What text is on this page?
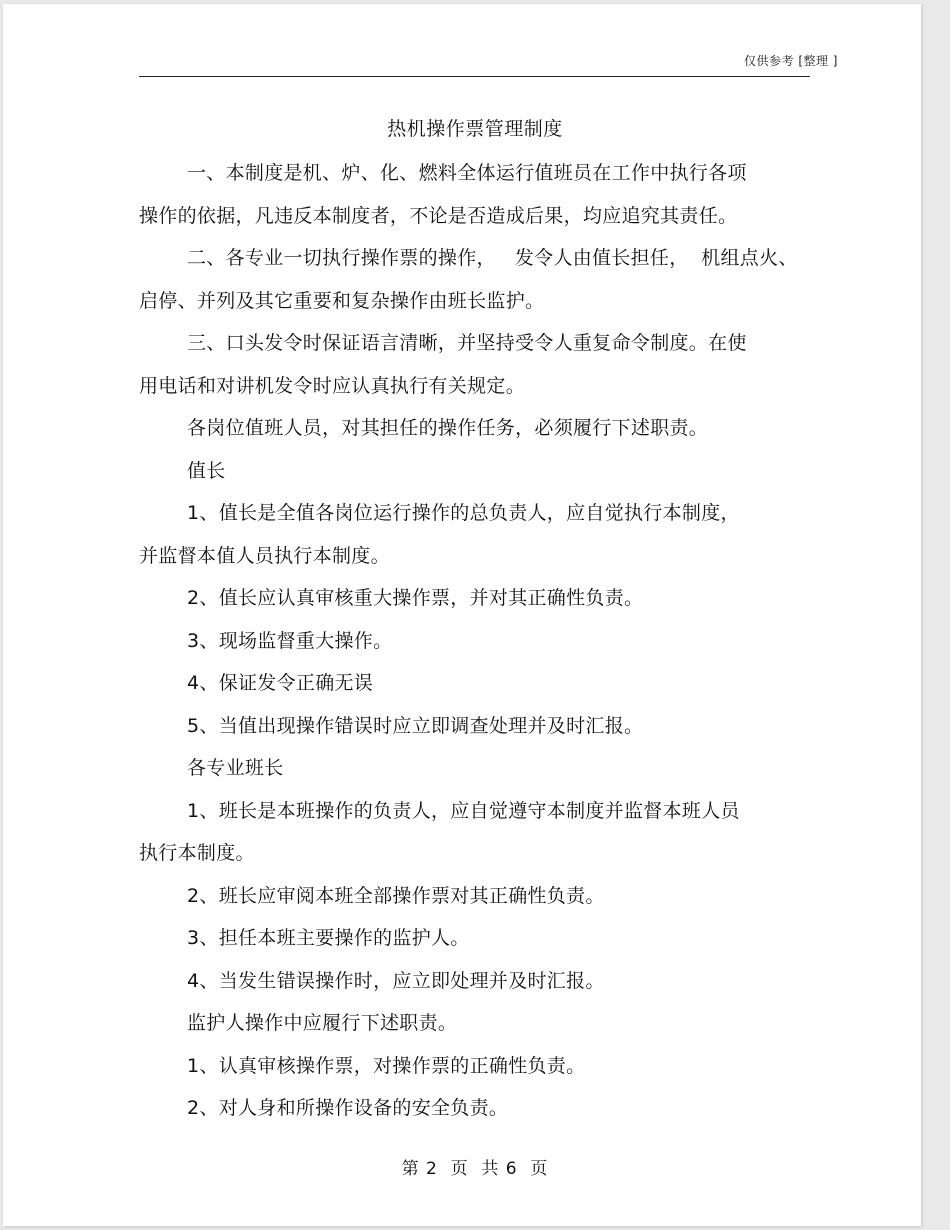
仅供参考 [整理 ]
热机操作票管理制度
一、本制度是机、炉、化、燃料全体运行值班员在工作中执行各项
操作的依据，凡违反本制度者，不论是否造成后果，均应追究其责任。
二、各专业一切执行操作票的操作，   发令人由值长担任，  机组点火、
启停、并列及其它重要和复杂操作由班长监护。
三、口头发令时保证语言清晰，并坚持受令人重复命令制度。在使
用电话和对讲机发令时应认真执行有关规定。
各岗位值班人员，对其担任的操作任务，必须履行下述职责。
值长
1、值长是全值各岗位运行操作的总负责人，应自觉执行本制度，
并监督本值人员执行本制度。
2、值长应认真审核重大操作票，并对其正确性负责。
3、现场监督重大操作。
4、保证发令正确无误
5、当值出现操作错误时应立即调查处理并及时汇报。
各专业班长
1、班长是本班操作的负责人，应自觉遵守本制度并监督本班人员
执行本制度。
2、班长应审阅本班全部操作票对其正确性负责。
3、担任本班主要操作的监护人。
4、当发生错误操作时，应立即处理并及时汇报。
监护人操作中应履行下述职责。
1、认真审核操作票，对操作票的正确性负责。
2、对人身和所操作设备的安全负责。
第 2  页  共 6  页
